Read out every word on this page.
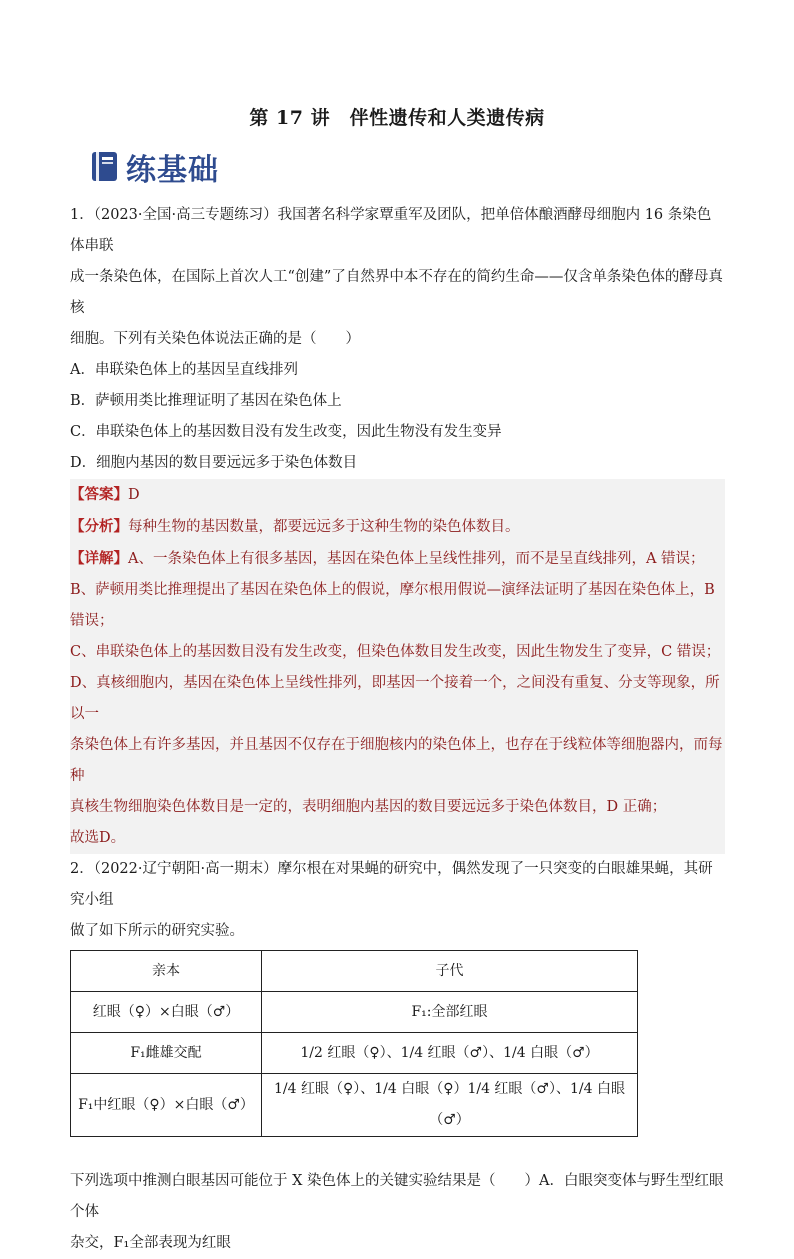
第 17 讲　伴性遗传和人类遗传病
练基础

1．（2023·全国·高三专题练习）我国著名科学家覃重军及团队，把单倍体酿酒酵母细胞内 16 条染色体串联

成一条染色体，在国际上首次人工“创建”了自然界中本不存在的简约生命——仅含单条染色体的酵母真核

细胞。下列有关染色体说法正确的是（　　）

A．串联染色体上的基因呈直线排列

B．萨顿用类比推理证明了基因在染色体上

C．串联染色体上的基因数目没有发生改变，因此生物没有发生变异

D．细胞内基因的数目要远远多于染色体数目

【答案】D

【分析】每种生物的基因数量，都要远远多于这种生物的染色体数目。

【详解】A、一条染色体上有很多基因，基因在染色体上呈线性排列，而不是呈直线排列，A 错误；

B、萨顿用类比推理提出了基因在染色体上的假说，摩尔根用假说—演绎法证明了基因在染色体上，B 错误；

C、串联染色体上的基因数目没有发生改变，但染色体数目发生改变，因此生物发生了变异，C 错误；

D、真核细胞内，基因在染色体上呈线性排列，即基因一个接着一个，之间没有重复、分支等现象，所以一

条染色体上有许多基因，并且基因不仅存在于细胞核内的染色体上，也存在于线粒体等细胞器内，而每种

真核生物细胞染色体数目是一定的，表明细胞内基因的数目要远远多于染色体数目，D 正确；

故选D。

2．（2022·辽宁朝阳·高一期末）摩尔根在对果蝇的研究中，偶然发现了一只突变的白眼雄果蝇，其研究小组

做了如下所示的研究实验。

亲本	子代
红眼（♀）×白眼（♂）	F₁:全部红眼
F₁雌雄交配	1/2 红眼（♀）、1/4 红眼（♂）、1/4 白眼（♂）
F₁中红眼（♀）×白眼（♂）	1/4 红眼（♀）、1/4 白眼（♀）1/4 红眼（♂）、1/4 白眼（♂）

下列选项中推测白眼基因可能位于 X 染色体上的关键实验结果是（　　）A．白眼突变体与野生型红眼个体

杂交，F₁全部表现为红眼
